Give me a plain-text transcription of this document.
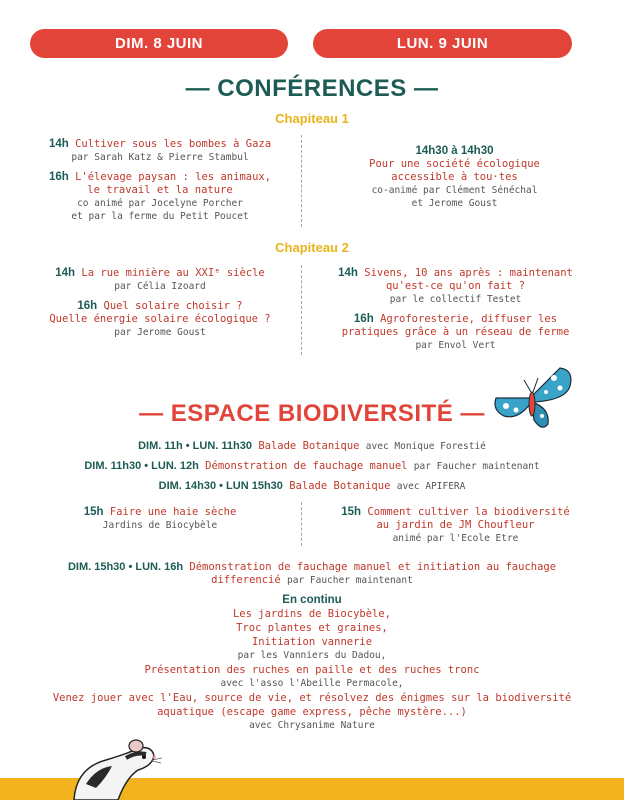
DIM. 8 JUIN	LUN. 9 JUIN
— CONFÉRENCES —
Chapiteau 1
14h Cultiver sous les bombes à Gaza
par Sarah Katz & Pierre Stambul
16h L'élevage paysan : les animaux,
le travail et la nature
co animé par Jocelyne Porcher
et par la ferme du Petit Poucet
14h30 à 14h30
Pour une société écologique
accessible à tou·tes
co-animé par Clément Sénéchal
et Jerome Goust
Chapiteau 2
14h La rue minière au XXIᵉ siècle
par Célia Izoard
16h Quel solaire choisir ?
Quelle énergie solaire écologique ?
par Jerome Goust
14h Sivens, 10 ans après : maintenant
qu'est-ce qu'on fait ?
par le collectif Testet
16h Agroforesterie, diffuser les
pratiques grâce à un réseau de ferme
par Envol Vert
— ESPACE BIODIVERSITÉ —
DIM. 11h • LUN. 11h30 Balade Botanique avec Monique Forestié
DIM. 11h30 • LUN. 12h Démonstration de fauchage manuel par Faucher maintenant
DIM. 14h30 • LUN 15h30 Balade Botanique avec APIFERA
15h Faire une haie sèche
Jardins de Biocybèle
15h Comment cultiver la biodiversité
au jardin de JM Choufleur
animé par l'Ecole Etre
DIM. 15h30 • LUN. 16h Démonstration de fauchage manuel et initiation au fauchage
differencié par Faucher maintenant
En continu
Les jardins de Biocybèle,
Troc plantes et graines,
Initiation vannerie
par les Vanniers du Dadou,
Présentation des ruches en paille et des ruches tronc
avec l'asso l'Abeille Permacole,
Venez jouer avec l'Eau, source de vie, et résolvez des énigmes sur la biodiversité
aquatique (escape game express, pêche mystère...)
avec Chrysanime Nature
